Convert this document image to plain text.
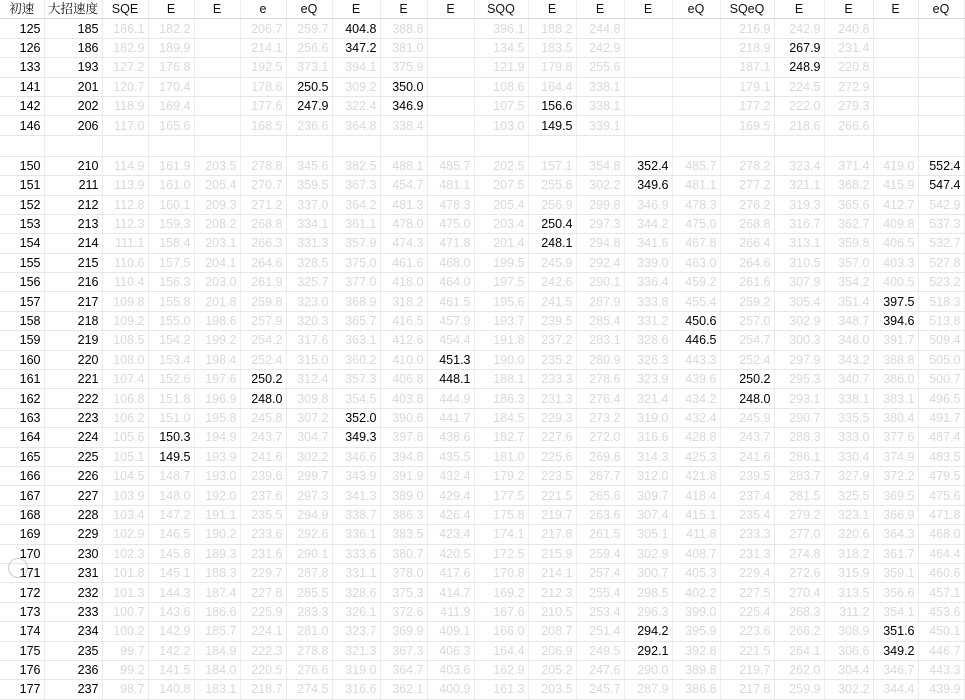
初速	大招速度	SQE	E	E	e	eQ	E	E	E	SQQ	E	E	E	eQ	SQeQ	E	E	E	eQ
125	185	186.1	182.2		206.7	259.7	404.8	388.8		396.1	188.2	244.8			216.9	242.9	240.8		
126	186	182.9	189.9		214.1	256.6	347.2	381.0		134.5	183.5	242.9			218.9	267.9	231.4		
133	193	127.2	176.8		192.5	373.1	394.1	375.9		121.9	179.8	255.6			187.1	248.9	220.8		
141	201	120.7	170.4		178.6	250.5	309.2	350.0		108.6	164.4	338.1			179.1	224.5	272.9		
142	202	118.9	169.4		177.6	247.9	322.4	346.9		107.5	156.6	338.1			177.2	222.0	279.3		
146	206	117.0	165.6		168.5	236.6	364.8	338.4		103.0	149.5	339.1			169.5	218.6	266.6		

150	210	114.9	161.9	203.5	278.8	345.6	382.5	488.1	485.7	202.5	157.1	354.8	352.4	485.7	278.2	323.4	371.4	419.0	552.4
151	211	113.9	161.0	205.4	270.7	359.5	367.3	454.7	481.1	207.5	255.8	302.2	349.6	481.1	277.2	321.1	368.2	415.9	547.4
152	212	112.8	160.1	209.3	271.2	337.0	364.2	481.3	478.3	205.4	256.9	299.8	346.9	478.3	276.2	319.3	365.6	412.7	542.9
153	213	112.3	159.3	208.2	268.8	334.1	361.1	478.0	475.0	203.4	250.4	297.3	344.2	475.0	268.8	316.7	362.7	409.8	537.3
154	214	111.1	158.4	203.1	266.3	331.3	357.9	474.3	471.8	201.4	248.1	294.8	341.6	467.8	266.4	313.1	359.8	406.5	532.7
155	215	110.6	157.5	204.1	264.6	328.5	375.0	461.6	468.0	199.5	245.9	292.4	339.0	463.0	264.6	310.5	357.0	403.3	527.8
156	216	110.4	156.3	203.0	261.9	325.7	377.0	418.0	464.0	197.5	242.6	290.1	336.4	459.2	261.6	307.9	354.2	400.5	523.2
157	217	109.8	155.8	201.8	259.8	323.0	368.9	318.2	461.5	195.6	241.5	287.9	333.8	455.4	259.2	305.4	351.4	397.5	518.3
158	218	109.2	155.0	198.6	257.9	320.3	365.7	416.5	457.9	193.7	239.5	285.4	331.2	450.6	257.0	302.9	348.7	394.6	513.8
159	219	108.5	154.2	199.2	254.2	317.6	363.1	412.6	454.4	191.8	237.2	283.1	328.6	446.5	254.7	300.3	346.0	391.7	509.4
160	220	108.0	153.4	198.4	252.4	315.0	360.2	410.0	451.3	190.0	235.2	280.9	326.3	443.3	252.4	297.9	343.2	388.8	505.0
161	221	107.4	152.6	197.6	250.2	312.4	357.3	406.8	448.1	188.1	233.3	278.6	323.9	439.6	250.2	295.3	340.7	386.0	500.7
162	222	106.8	151.8	196.9	248.0	309.8	354.5	403.8	444.9	186.3	231.3	276.4	321.4	434.2	248.0	293.1	338.1	383.1	496.5
163	223	106.2	151.0	195.8	245.8	307.2	352.0	390.6	441.7	184.5	229.3	273.2	319.0	432.4	245.9	290.7	335.5	380.4	491.7
164	224	105.6	150.3	194.9	243.7	304.7	349.3	397.8	438.6	182.7	227.6	272.0	316.6	428.8	243.7	288.3	333.0	377.6	487.4
165	225	105.1	149.5	193.9	241.6	302.2	346.6	394.8	435.5	181.0	225.6	269.8	314.3	425.3	241.6	286.1	330.4	374.9	483.5
166	226	104.5	148.7	193.0	239.6	299.7	343.9	391.9	432.4	179.2	223.5	267.7	312.0	421.8	239.5	283.7	327.9	372.2	479.5
167	227	103.9	148.0	192.0	237.6	297.3	341.3	389.0	429.4	177.5	221.5	265.6	309.7	418.4	237.4	281.5	325.5	369.5	475.6
168	228	103.4	147.2	191.1	235.5	294.9	338.7	386.3	426.4	175.8	219.7	263.6	307.4	415.1	235.4	279.2	323.1	366.9	471.8
169	229	102.9	146.5	190.2	233.6	292.6	336.1	383.5	423.4	174.1	217.8	261.5	305.1	411.8	233.3	277.0	320.6	364.3	468.0
170	230	102.3	145.8	189.3	231.6	290.1	333.6	380.7	420.5	172.5	215.9	259.4	302.9	408.7	231.3	274.8	318.2	361.7	464.4
171	231	101.8	145.1	188.3	229.7	287.8	331.1	378.0	417.6	170.8	214.1	257.4	300.7	405.3	229.4	272.6	315.9	359.1	460.6
172	232	101.3	144.3	187.4	227.8	285.5	328.6	375.3	414.7	169.2	212.3	255.4	298.5	402.2	227.5	270.4	313.5	356.6	457.1
173	233	100.7	143.6	186.6	225.9	283.3	326.1	372.6	411.9	167.6	210.5	253.4	296.3	399.0	225.4	268.3	311.2	354.1	453.6
174	234	100.2	142.9	185.7	224.1	281.0	323.7	369.9	409.1	166.0	208.7	251.4	294.2	395.9	223.6	266.2	308.9	351.6	450.1
175	235	99.7	142.2	184.9	222.3	278.8	321.3	367.3	406.3	164.4	206.9	249.5	292.1	392.8	221.5	264.1	306.6	349.2	446.7
176	236	99.2	141.5	184.0	220.5	276.6	319.0	364.7	403.6	162.9	205.2	247.6	290.0	389.8	219.7	262.0	304.4	346.7	443.3
177	237	98.7	140.8	183.1	218.7	274.5	316.6	362.1	400.9	161.3	203.5	245.7	287.9	386.8	217.8	259.9	302.2	344.4	439.9
